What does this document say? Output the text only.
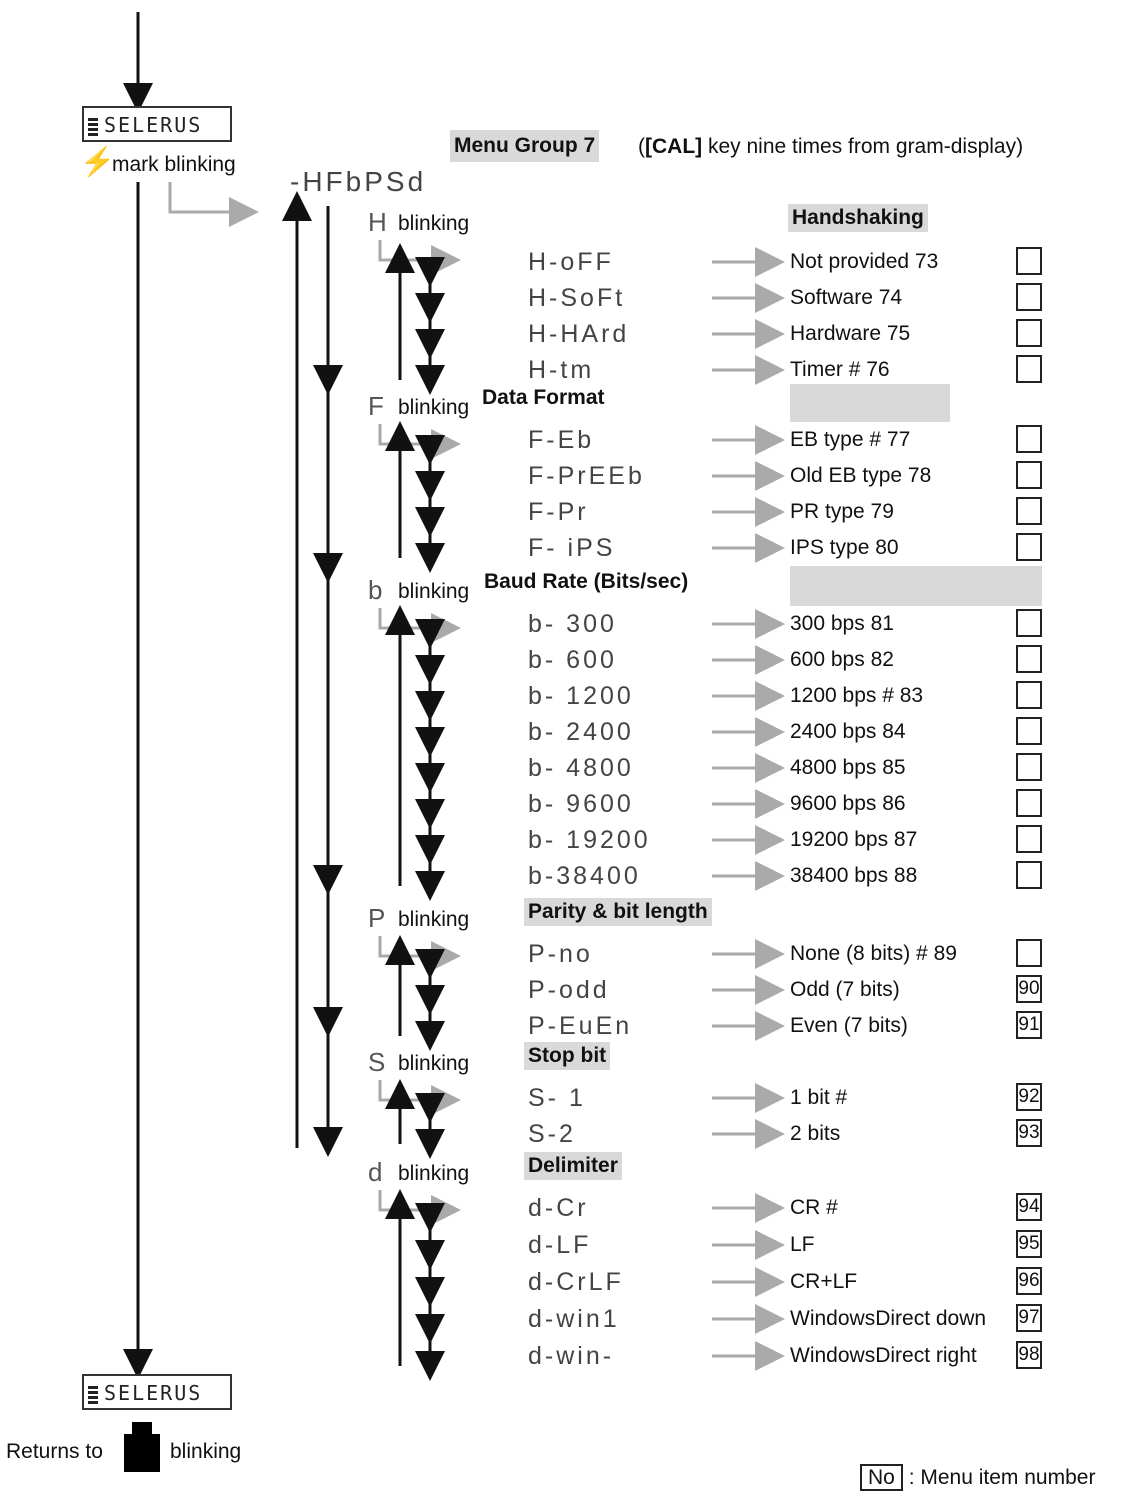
SELERUS
⚡
mark blinking
Menu Group 7 ([CAL] key nine times from gram-display)
-HFbPSd
H blinking	Handshaking
H-oFF	Not provided 73
H-SoFt	Software 74
H-HArd	Hardware 75
H-tm	Timer # 76
F blinking Data Format
F-Eb	EB type # 77
F-PrEEb	Old EB type 78
F-Pr	PR type 79
F- iPS	IPS type 80
b blinking Baud Rate (Bits/sec)
b- 300	300 bps 81
b- 600	600 bps 82
b- 1200	1200 bps # 83
b- 2400	2400 bps 84
b- 4800	4800 bps 85
b- 9600	9600 bps 86
b- 19200	19200 bps 87
b-38400	38400 bps 88
P blinking	Parity & bit length
P-no	None (8 bits) # 89
P-odd	Odd (7 bits)	90
P-EuEn	Even (7 bits)	91
S blinking	Stop bit
S- 1	1 bit #	92
S-2	2 bits	93
d blinking	Delimiter
d-Cr	CR #	94
d-LF	LF	95
d-CrLF	CR+LF	96
d-win1	WindowsDirect down 97
d-win-	WindowsDirect right 98
SELERUS
Returns to	blinking
No : Menu item number
